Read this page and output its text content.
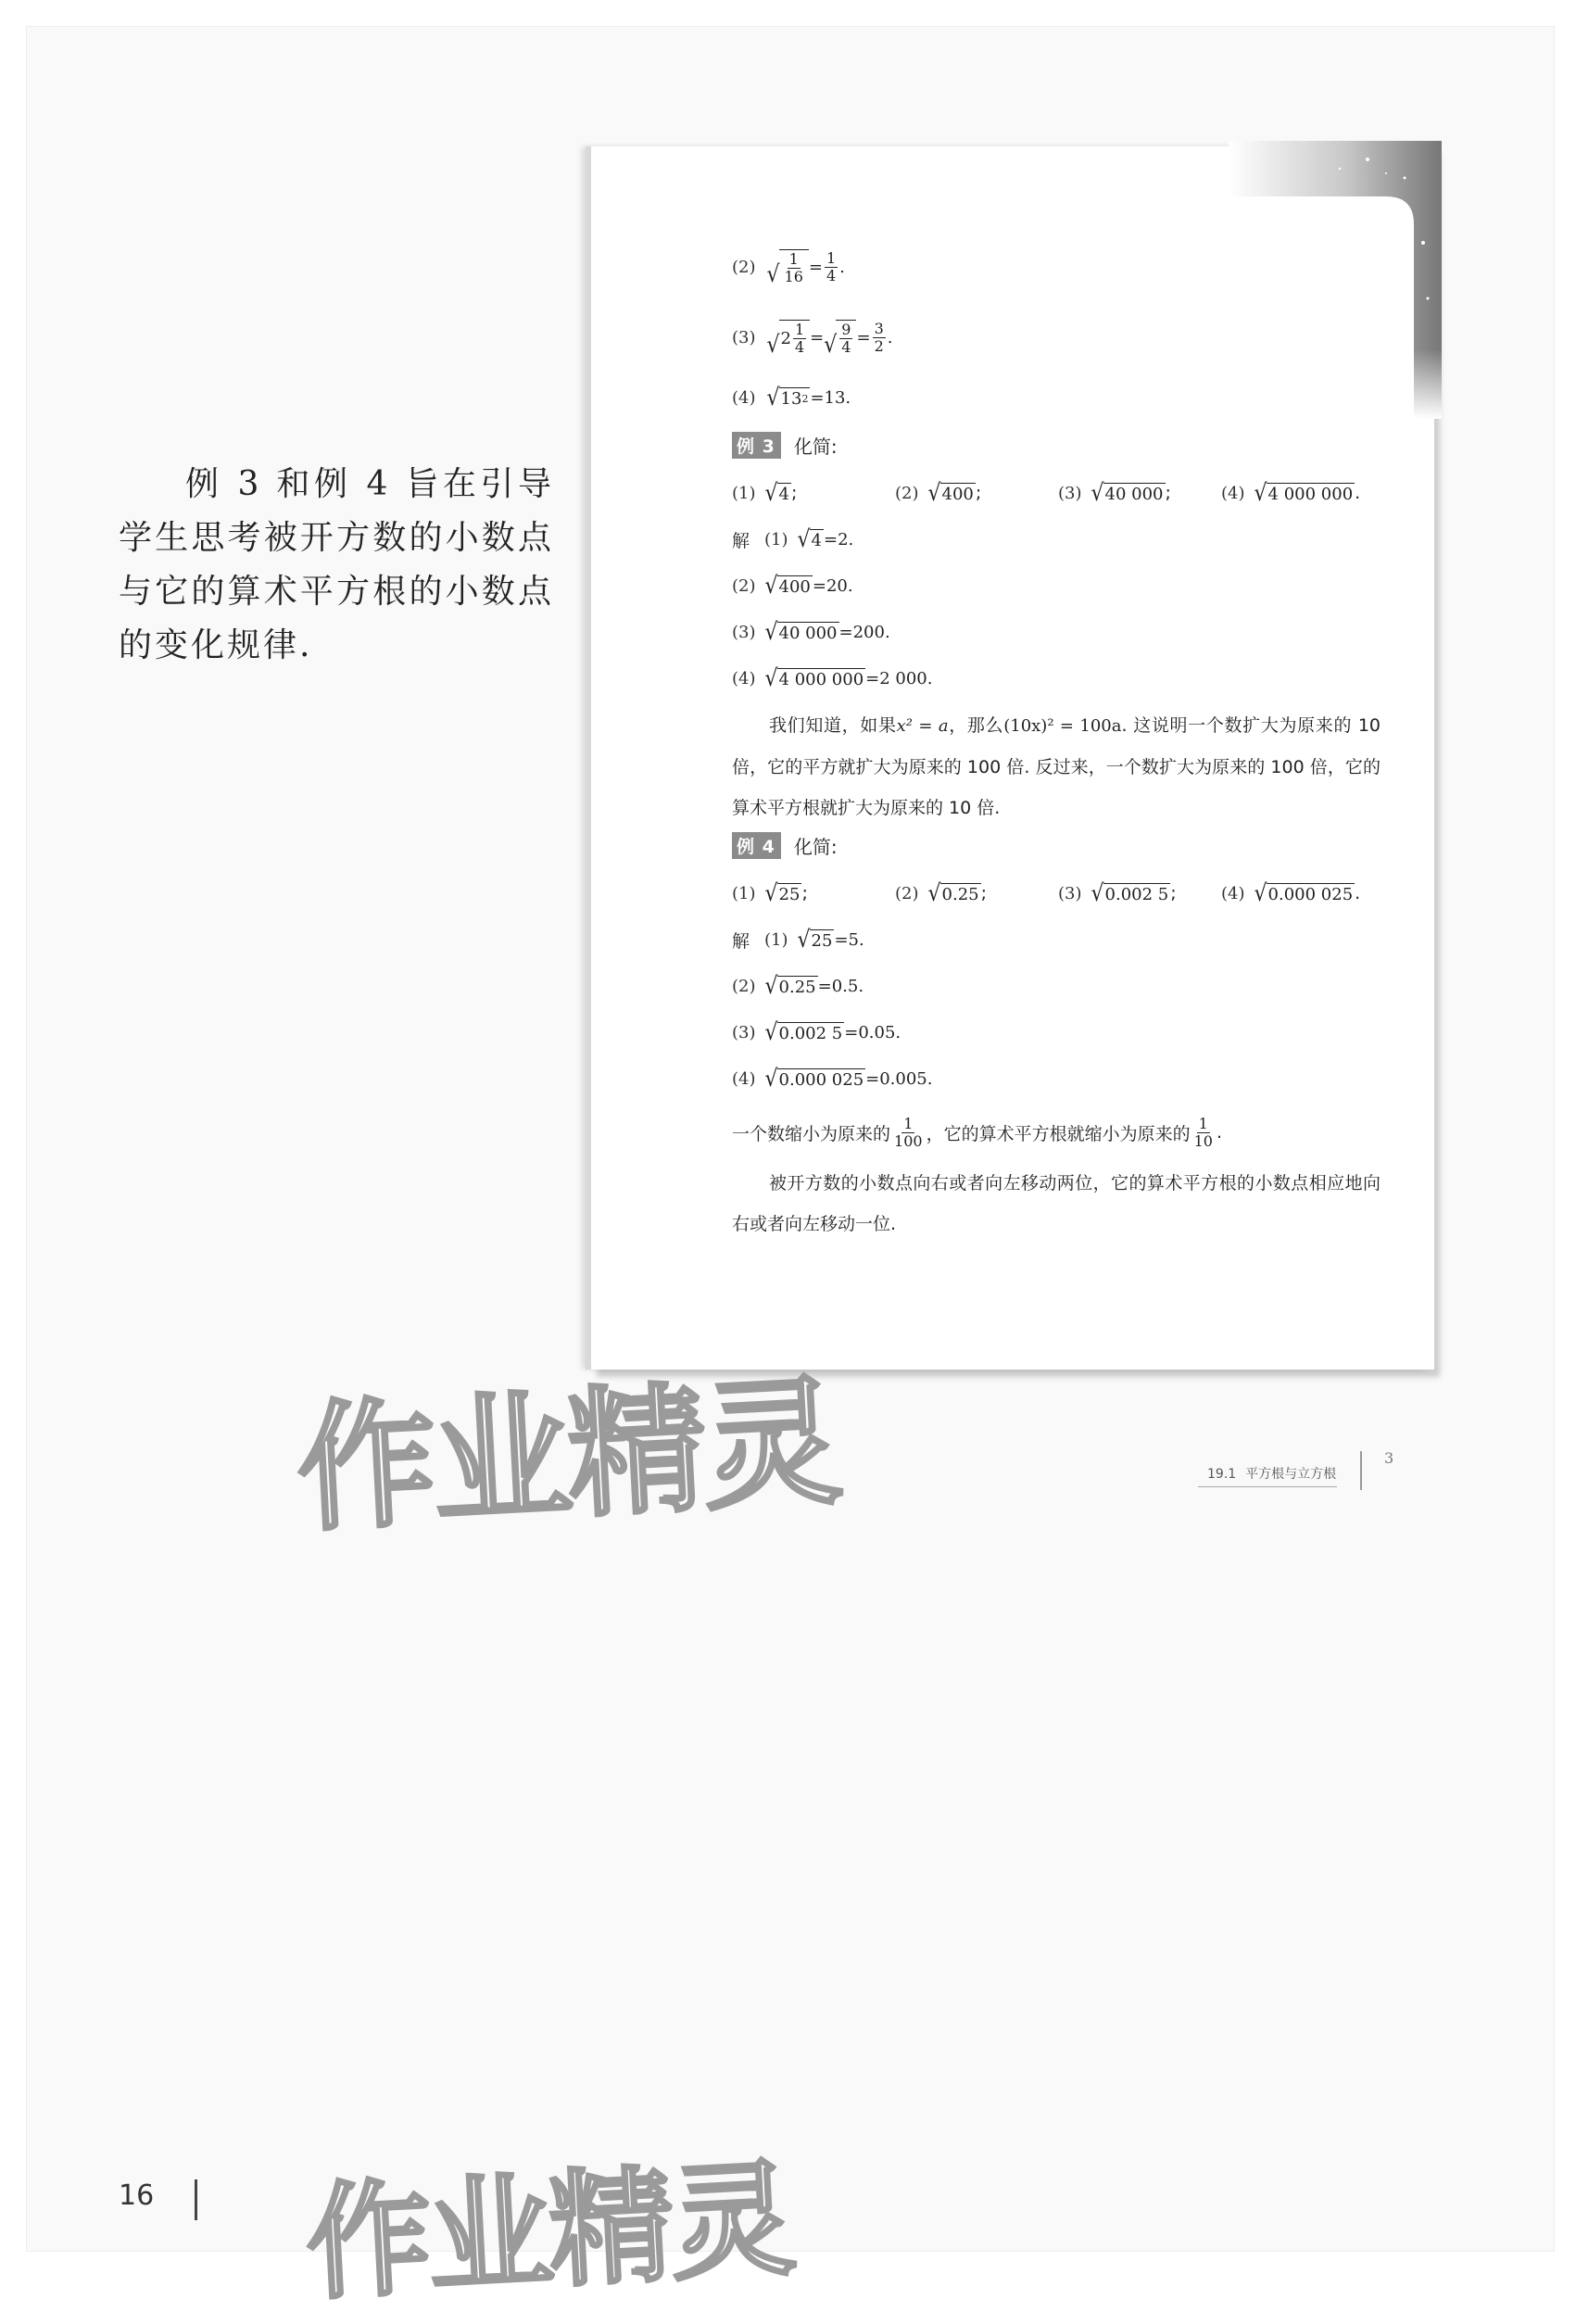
例 3 和例 4 旨在引导学生思考被开方数的小数点与它的算术平方根的小数点的变化规律.

(2) √ $\frac{1}{16} = \frac{1}{4}$ .
(3) √ $2 \frac{1}{4}$ = √ $\frac{9}{4} = \frac{3}{2}$ .
(4) √ 13 2 =13.
例 3	化简:
(1) √ 4 ;	(2) √ 400 ;	(3) √ 40 000 ;	(4) √ 4 000 000 .
解 (1) √ 4 =2.
(2) √ 400 =20.
(3) √ 40 000 =200.
(4) √ 4 000 000 =2 000.

我们知道，如果x² = a，那么(10x)² = 100a. 这说明一个数扩大为原来的 10 倍，它的平方就扩大为原来的 100 倍. 反过来，一个数扩大为原来的 100 倍，它的算术平方根就扩大为原来的 10 倍.

例 4	化简:
(1) √ 25 ;	(2) √ 0.25 ;	(3) √ 0.002 5 ;	(4) √ 0.000 025 .
解 (1) √ 25 =5.
(2) √ 0.25 =0.5.
(3) √ 0.002 5 =0.05.
(4) √ 0.000 025 =0.005.
一个数缩小为原来的 $\frac{1}{100}$ ，它的算术平方根就缩小为原来的 $\frac{1}{10}$ .

被开方数的小数点向右或者向左移动两位，它的算术平方根的小数点相应地向右或者向左移动一位.

19.1 平方根与立方根
3
作业精灵
作业精灵
16
